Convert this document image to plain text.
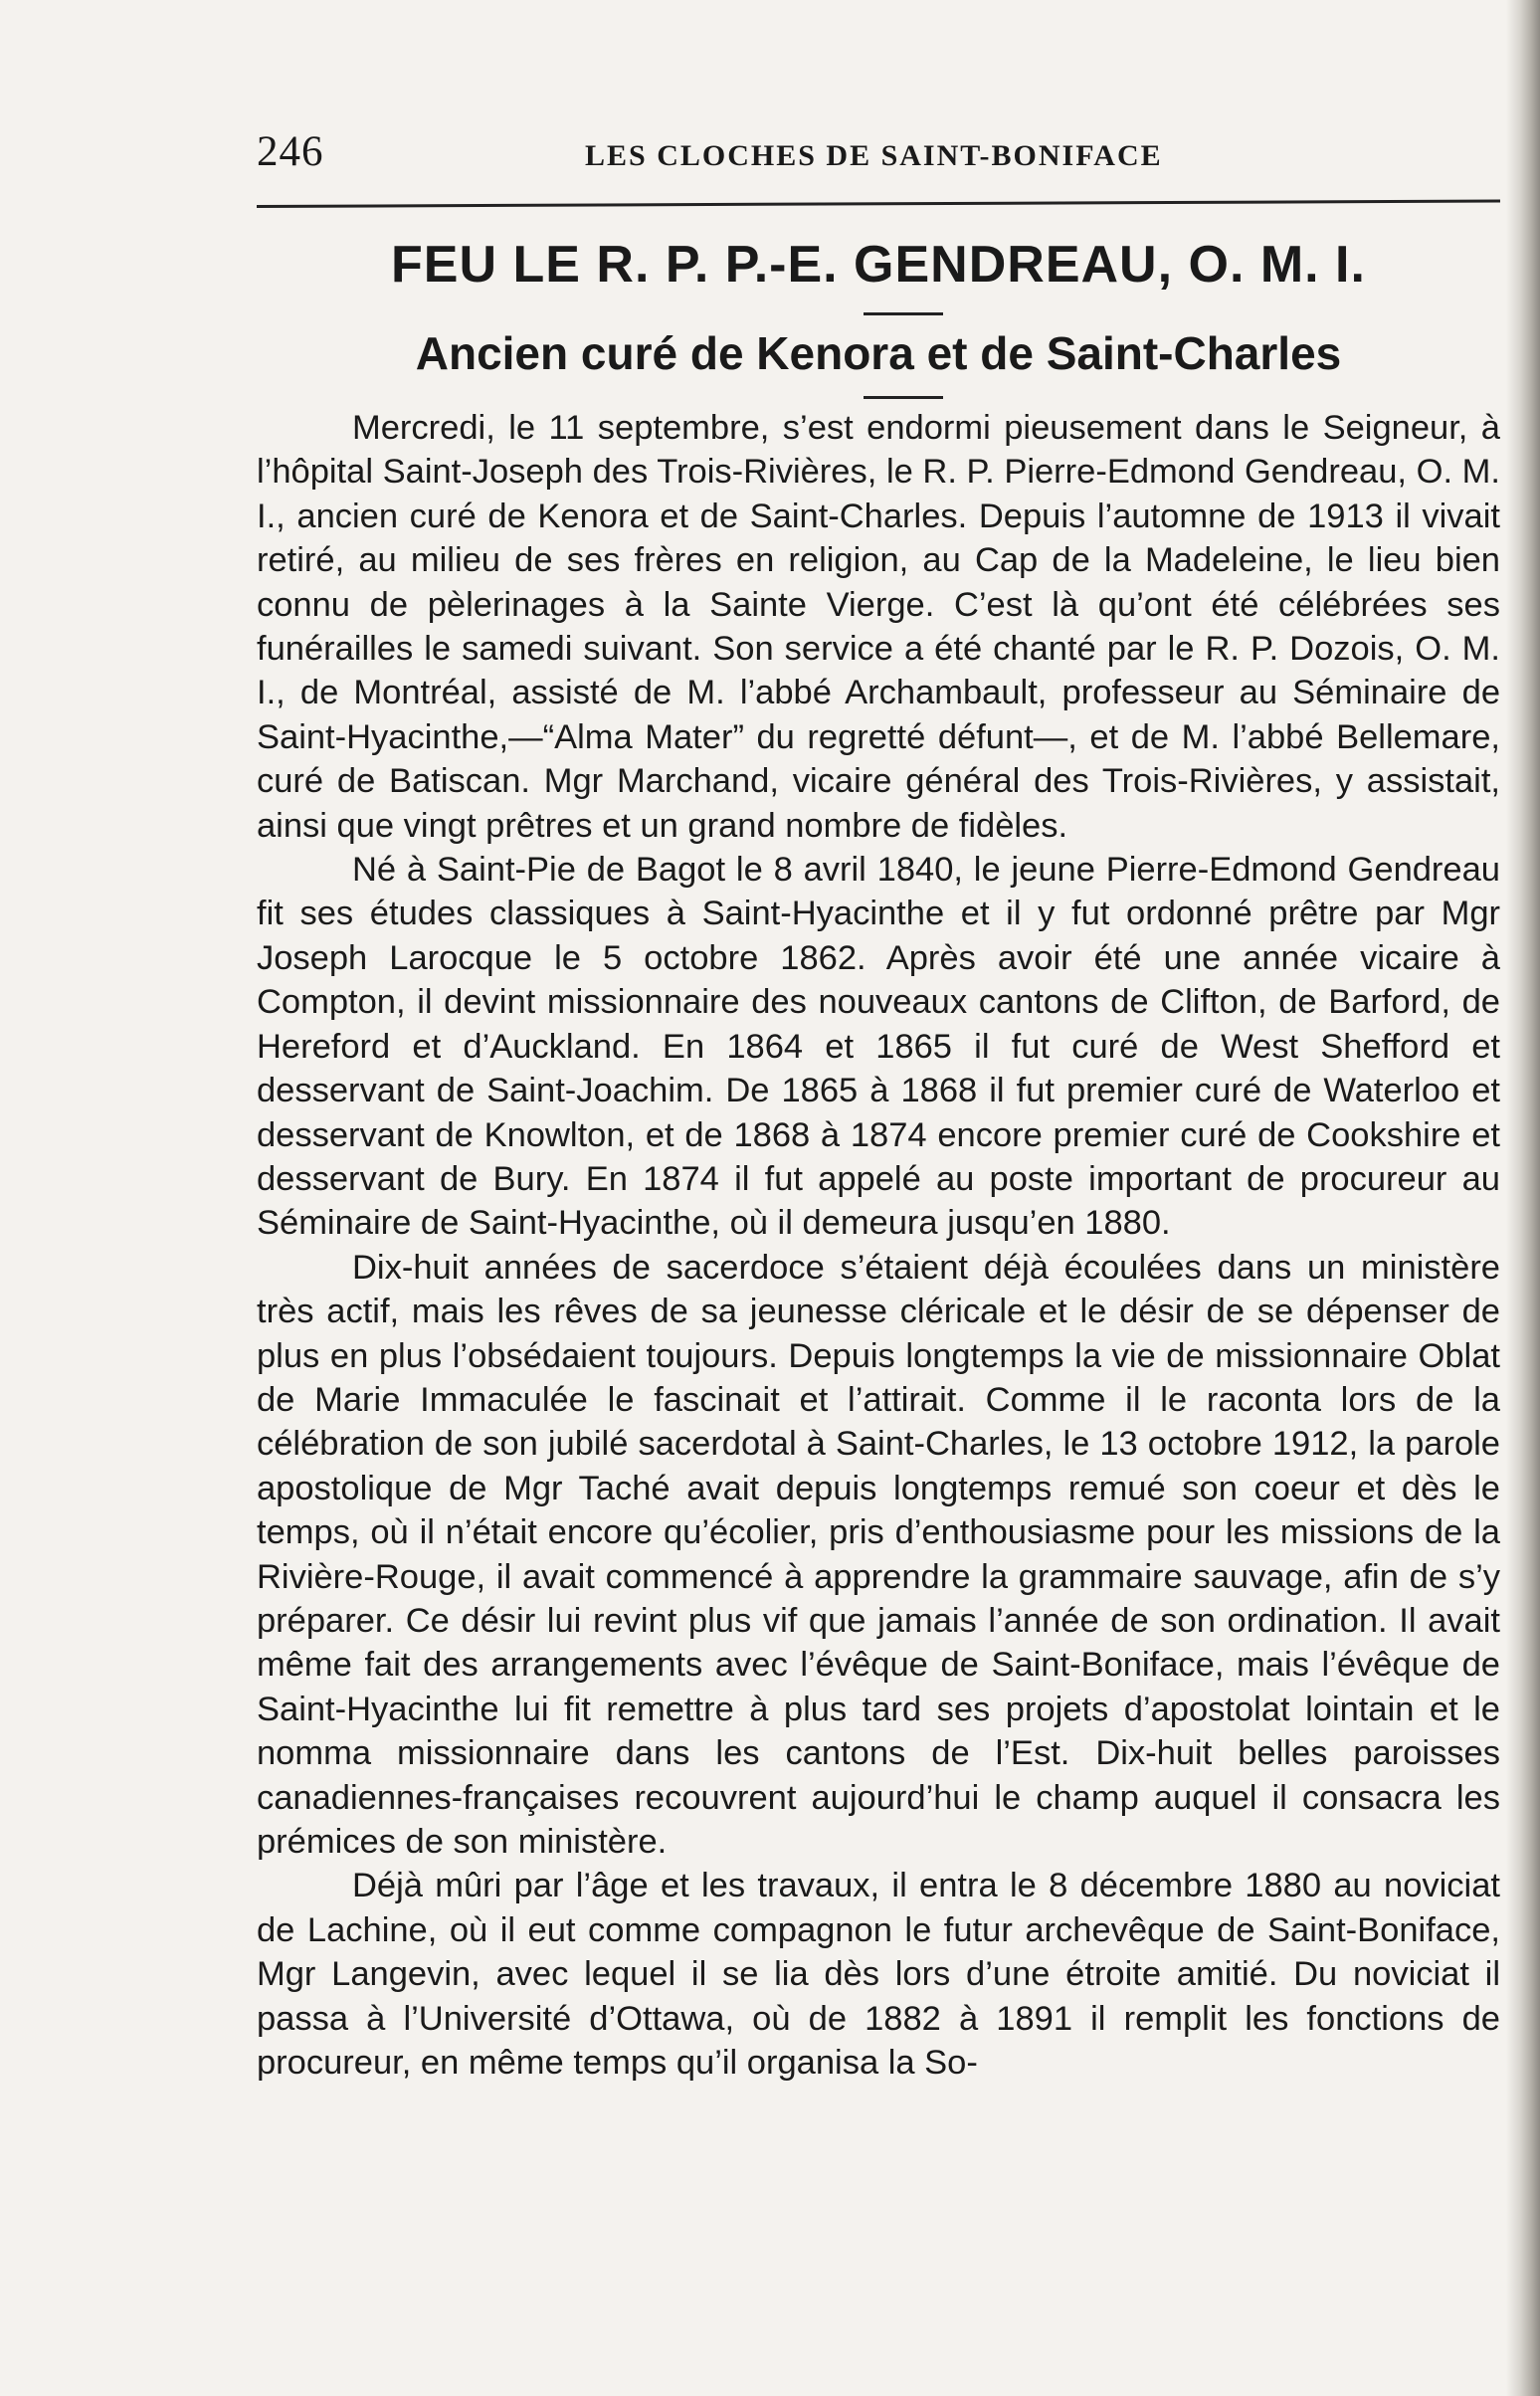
246	LES CLOCHES DE SAINT-BONIFACE
FEU LE R. P. P.-E. GENDREAU, O. M. I.
Ancien curé de Kenora et de Saint-Charles

Mercredi, le 11 septembre, s’est endormi pieusement dans le Seigneur, à l’hôpital Saint-Joseph des Trois-Rivières, le R. P. Pierre-Edmond Gendreau, O. M. I., ancien curé de Kenora et de Saint-Charles. Depuis l’automne de 1913 il vivait retiré, au milieu de ses frères en religion, au Cap de la Madeleine, le lieu bien connu de pèlerinages à la Sainte Vierge. C’est là qu’ont été célébrées ses funérailles le samedi suivant. Son service a été chanté par le R. P. Dozois, O. M. I., de Montréal, assisté de M. l’abbé Archambault, professeur au Séminaire de Saint-Hyacinthe,—“Alma Mater” du regretté défunt—, et de M. l’abbé Bellemare, curé de Batiscan. Mgr Marchand, vicaire général des Trois-Rivières, y assistait, ainsi que vingt prêtres et un grand nombre de fidèles.

Né à Saint-Pie de Bagot le 8 avril 1840, le jeune Pierre-Edmond Gendreau fit ses études classiques à Saint-Hyacinthe et il y fut ordonné prêtre par Mgr Joseph Larocque le 5 octobre 1862. Après avoir été une année vicaire à Compton, il devint missionnaire des nouveaux cantons de Clifton, de Barford, de Hereford et d’Auckland. En 1864 et 1865 il fut curé de West Shefford et desservant de Saint-Joachim. De 1865 à 1868 il fut premier curé de Waterloo et desservant de Knowlton, et de 1868 à 1874 encore premier curé de Cookshire et desservant de Bury. En 1874 il fut appelé au poste important de procureur au Séminaire de Saint-Hyacinthe, où il demeura jusqu’en 1880.

Dix-huit années de sacerdoce s’étaient déjà écoulées dans un ministère très actif, mais les rêves de sa jeunesse cléricale et le désir de se dépenser de plus en plus l’obsédaient toujours. Depuis longtemps la vie de missionnaire Oblat de Marie Immaculée le fascinait et l’attirait. Comme il le raconta lors de la célébration de son jubilé sacerdotal à Saint-Charles, le 13 octobre 1912, la parole apostolique de Mgr Taché avait depuis longtemps remué son coeur et dès le temps, où il n’était encore qu’écolier, pris d’enthousiasme pour les missions de la Rivière-Rouge, il avait commencé à apprendre la grammaire sauvage, afin de s’y préparer. Ce désir lui revint plus vif que jamais l’année de son ordination. Il avait même fait des arrangements avec l’évêque de Saint-Boniface, mais l’évêque de Saint-Hyacinthe lui fit remettre à plus tard ses projets d’apostolat lointain et le nomma missionnaire dans les cantons de l’Est. Dix-huit belles paroisses canadiennes-françaises recouvrent aujourd’hui le champ auquel il consacra les prémices de son ministère.

Déjà mûri par l’âge et les travaux, il entra le 8 décembre 1880 au noviciat de Lachine, où il eut comme compagnon le futur archevêque de Saint-Boniface, Mgr Langevin, avec lequel il se lia dès lors d’une étroite amitié. Du noviciat il passa à l’Université d’Ottawa, où de 1882 à 1891 il remplit les fonctions de procureur, en même temps qu’il organisa la So-
